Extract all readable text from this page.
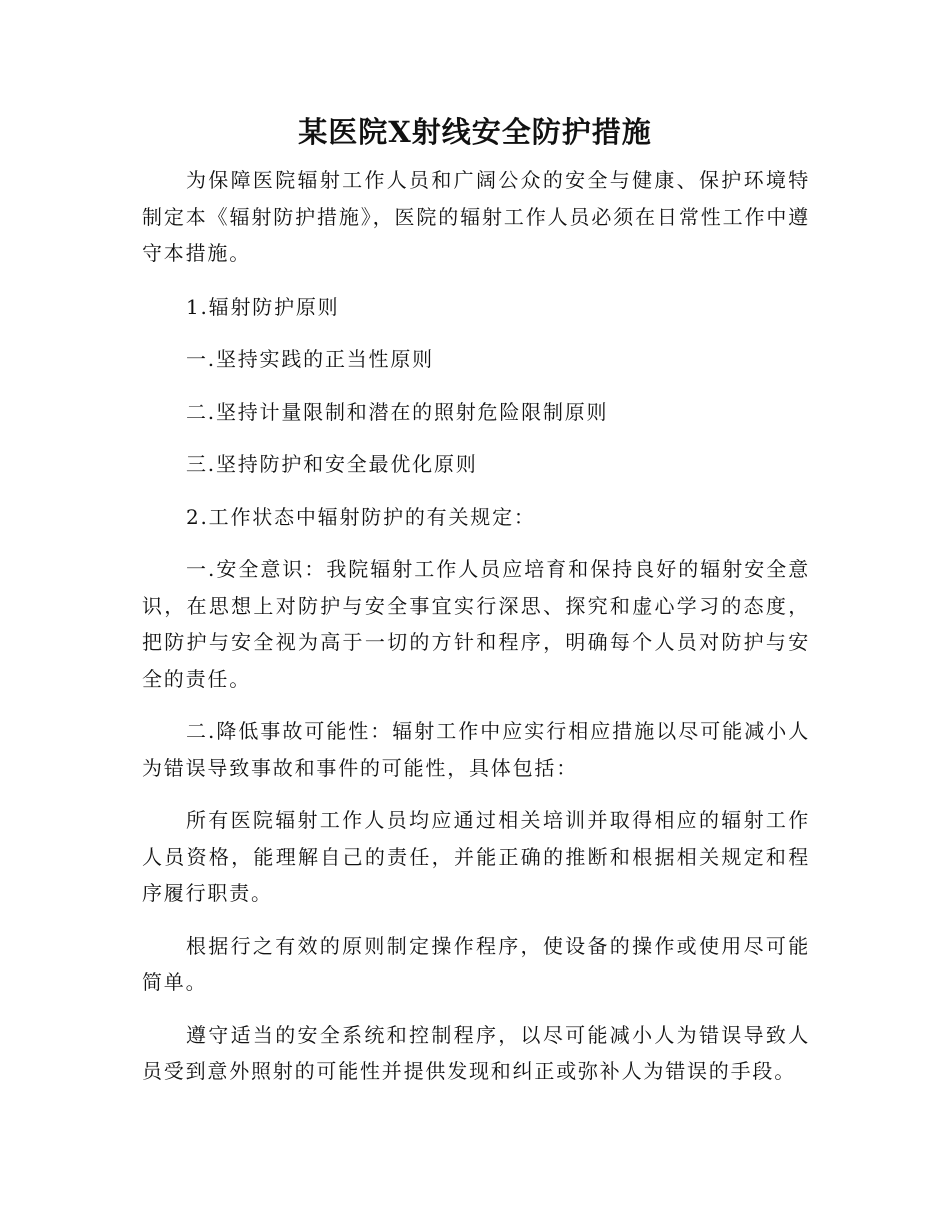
某医院X射线安全防护措施

为保障医院辐射工作人员和广阔公众的安全与健康、保护环境特制定本《辐射防护措施》，医院的辐射工作人员必须在日常性工作中遵守本措施。

1.辐射防护原则

一.坚持实践的正当性原则

二.坚持计量限制和潜在的照射危险限制原则

三.坚持防护和安全最优化原则

2.工作状态中辐射防护的有关规定：

一.安全意识：我院辐射工作人员应培育和保持良好的辐射安全意识，在思想上对防护与安全事宜实行深思、探究和虚心学习的态度，把防护与安全视为高于一切的方针和程序，明确每个人员对防护与安全的责任。

二.降低事故可能性：辐射工作中应实行相应措施以尽可能减小人为错误导致事故和事件的可能性，具体包括：

所有医院辐射工作人员均应通过相关培训并取得相应的辐射工作人员资格，能理解自己的责任，并能正确的推断和根据相关规定和程序履行职责。

根据行之有效的原则制定操作程序，使设备的操作或使用尽可能简单。

遵守适当的安全系统和控制程序，以尽可能减小人为错误导致人员受到意外照射的可能性并提供发现和纠正或弥补人为错误的手段。
